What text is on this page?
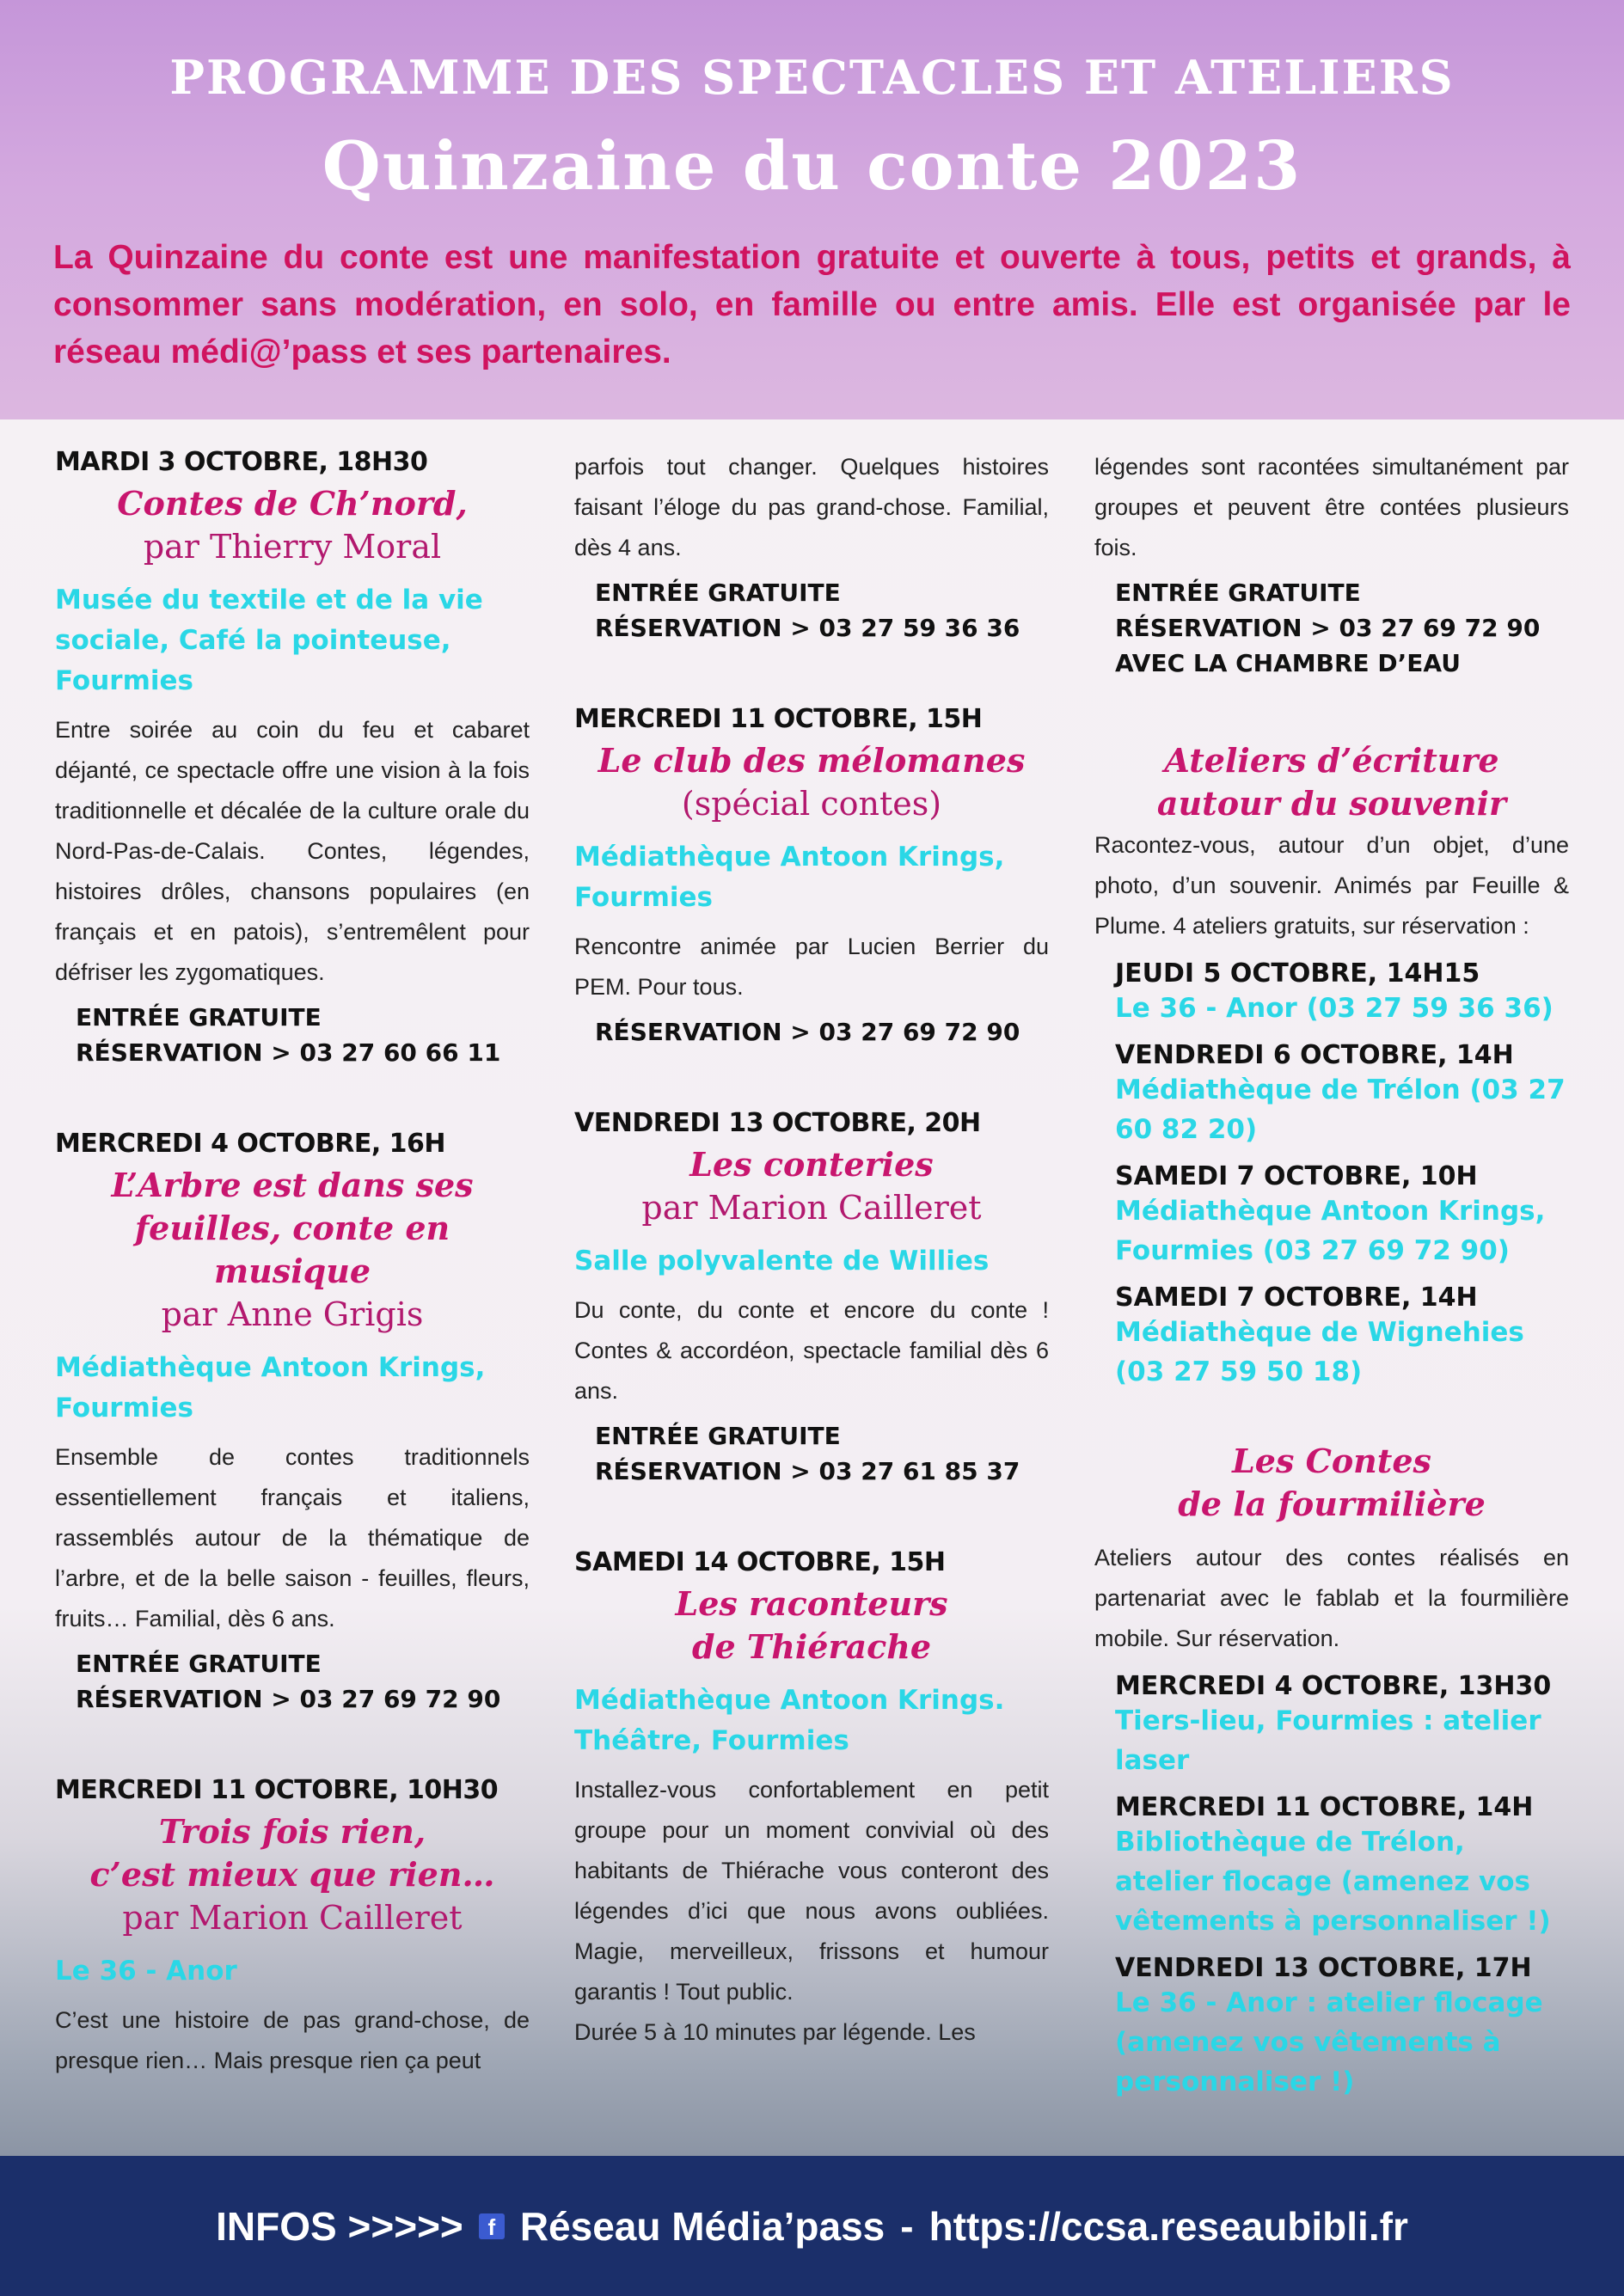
PROGRAMME DES SPECTACLES ET ATELIERS
Quinzaine du conte 2023

La Quinzaine du conte est une manifestation gratuite et ouverte à tous, petits et grands, à consommer sans modération, en solo, en famille ou entre amis. Elle est organisée par le réseau médi@’pass et ses partenaires.

MARDI 3 OCTOBRE, 18H30

Contes de Ch’nord,

par Thierry Moral

Musée du textile et de la vie sociale, Café la pointeuse, Fourmies

Entre soirée au coin du feu et cabaret déjanté, ce spectacle offre une vision à la fois traditionnelle et décalée de la culture orale du Nord-Pas-de-Calais. Contes, légendes, histoires drôles, chansons populaires (en français et en patois), s’entremêlent pour défriser les zygomatiques.

ENTRÉE GRATUITE
RÉSERVATION > 03 27 60 66 11
MERCREDI 4 OCTOBRE, 16H

L’Arbre est dans ses

feuilles, conte en musique

par Anne Grigis

Médiathèque Antoon Krings, Fourmies

Ensemble de contes traditionnels essentiellement français et italiens, rassemblés autour de la thématique de l’arbre, et de la belle saison - feuilles, fleurs, fruits… Familial, dès 6 ans.

ENTRÉE GRATUITE
RÉSERVATION > 03 27 69 72 90
MERCREDI 11 OCTOBRE, 10H30

Trois fois rien,

c’est mieux que rien…

par Marion Cailleret

Le 36 - Anor

C’est une histoire de pas grand-chose, de presque rien… Mais presque rien ça peut

parfois tout changer. Quelques histoires faisant l’éloge du pas grand-chose. Familial, dès 4 ans.

ENTRÉE GRATUITE
RÉSERVATION > 03 27 59 36 36
MERCREDI 11 OCTOBRE, 15H

Le club des mélomanes

(spécial contes)

Médiathèque Antoon Krings, Fourmies

Rencontre animée par Lucien Berrier du PEM. Pour tous.

RÉSERVATION > 03 27 69 72 90
VENDREDI 13 OCTOBRE, 20H

Les conteries

par Marion Cailleret

Salle polyvalente de Willies

Du conte, du conte et encore du conte ! Contes & accordéon, spectacle familial dès 6 ans.

ENTRÉE GRATUITE
RÉSERVATION > 03 27 61 85 37
SAMEDI 14 OCTOBRE, 15H

Les raconteurs

de Thiérache

Médiathèque Antoon Krings. Théâtre, Fourmies

Installez-vous confortablement en petit groupe pour un moment convivial où des habitants de Thiérache vous conteront des légendes d’ici que nous avons oubliées. Magie, merveilleux, frissons et humour garantis ! Tout public.

Durée 5 à 10 minutes par légende. Les

légendes sont racontées simultanément par groupes et peuvent être contées plusieurs fois.

ENTRÉE GRATUITE
RÉSERVATION > 03 27 69 72 90
AVEC LA CHAMBRE D’EAU

Ateliers d’écriture

autour du souvenir

Racontez-vous, autour d’un objet, d’une photo, d’un souvenir. Animés par Feuille & Plume. 4 ateliers gratuits, sur réservation :

JEUDI 5 OCTOBRE, 14H15
Le 36 - Anor (03 27 59 36 36)
VENDREDI 6 OCTOBRE, 14H
Médiathèque de Trélon (03 27 60 82 20)
SAMEDI 7 OCTOBRE, 10H
Médiathèque Antoon Krings, Fourmies (03 27 69 72 90)
SAMEDI 7 OCTOBRE, 14H
Médiathèque de Wignehies (03 27 59 50 18)

Les Contes

de la fourmilière

Ateliers autour des contes réalisés en partenariat avec le fablab et la fourmilière mobile. Sur réservation.

MERCREDI 4 OCTOBRE, 13H30
Tiers-lieu, Fourmies : atelier laser
MERCREDI 11 OCTOBRE, 14H
Bibliothèque de Trélon, atelier flocage (amenez vos vêtements à personnaliser !)
VENDREDI 13 OCTOBRE, 17H
Le 36 - Anor : atelier flocage (amenez vos vêtements à personnaliser !)
INFOS >>>>>	f Réseau Média’pass - https://ccsa.reseaubibli.fr
